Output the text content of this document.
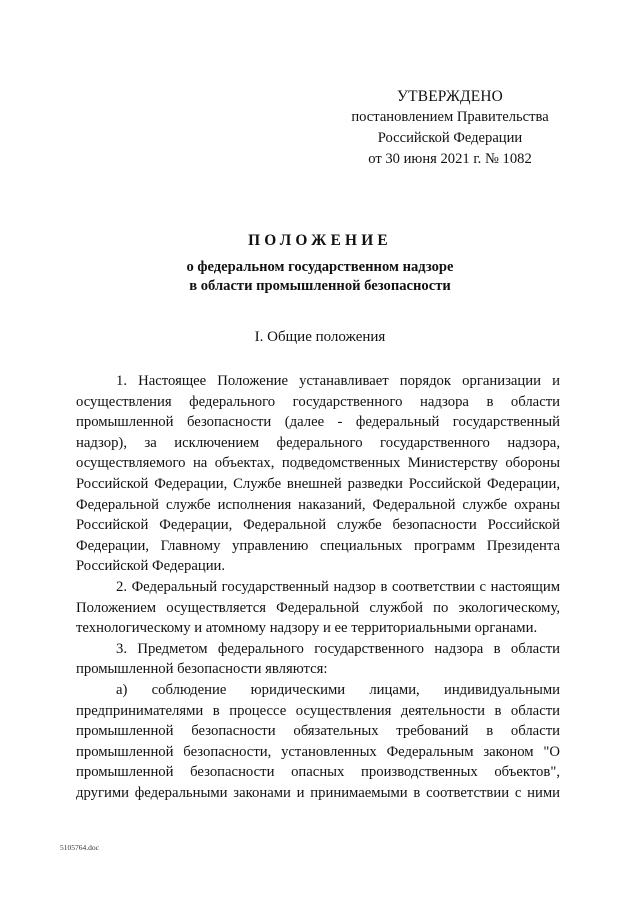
УТВЕРЖДЕНО
постановлением Правительства
Российской Федерации
от 30 июня 2021 г. № 1082
ПОЛОЖЕНИЕ
о федеральном государственном надзоре
в области промышленной безопасности
I. Общие положения

1. Настоящее Положение устанавливает порядок организации и осуществления федерального государственного надзора в области промышленной безопасности (далее - федеральный государственный надзор), за исключением федерального государственного надзора, осуществляемого на объектах, подведомственных Министерству обороны Российской Федерации, Службе внешней разведки Российской Федерации, Федеральной службе исполнения наказаний, Федеральной службе охраны Российской Федерации, Федеральной службе безопасности Российской Федерации, Главному управлению специальных программ Президента Российской Федерации.

2. Федеральный государственный надзор в соответствии с настоящим Положением осуществляется Федеральной службой по экологическому, технологическому и атомному надзору и ее территориальными органами.

3. Предметом федерального государственного надзора в области промышленной безопасности являются:

а) соблюдение юридическими лицами, индивидуальными предпринимателями в процессе осуществления деятельности в области промышленной безопасности обязательных требований в области промышленной безопасности, установленных Федеральным законом "О промышленной безопасности опасных производственных объектов", другими федеральными законами и принимаемыми в соответствии с ними

5105764.doc
